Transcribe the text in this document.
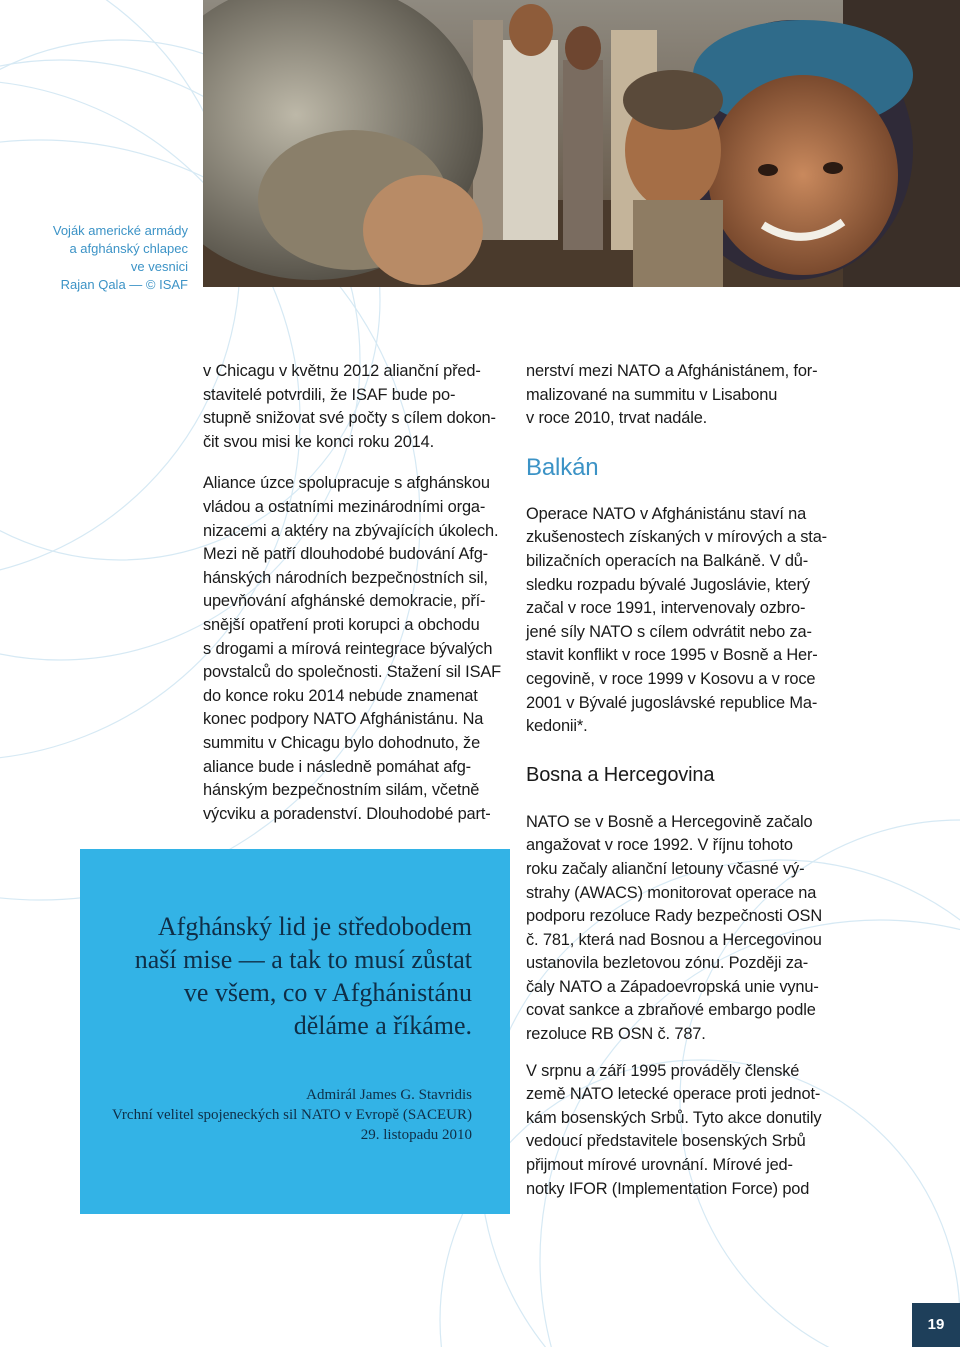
Voják americké armády
a afghánský chlapec
ve vesnici
Rajan Qala — © ISAF

v Chicagu v květnu 2012 alianční před-
stavitelé potvrdili, že ISAF bude po-
stupně snižovat své počty s cílem dokon-
čit svou misi ke konci roku 2014.

Aliance úzce spolupracuje s afghánskou
vládou a ostatními mezinárodními orga-
nizacemi a aktéry na zbývajících úkolech.
Mezi ně patří dlouhodobé budování Afg-
hánských národních bezpečnostních sil,
upevňování afghánské demokracie, pří-
snější opatření proti korupci a obchodu
s drogami a mírová reintegrace bývalých
povstalců do společnosti. Stažení sil ISAF
do konce roku 2014 nebude znamenat
konec podpory NATO Afghánistánu. Na
summitu v Chicagu bylo dohodnuto, že
aliance bude i následně pomáhat afg-
hánským bezpečnostním silám, včetně
výcviku a poradenství. Dlouhodobé part-

nerství mezi NATO a Afghánistánem, for-
malizované na summitu v Lisabonu
v roce 2010, trvat nadále.

Balkán

Operace NATO v Afghánistánu staví na
zkušenostech získaných v mírových a sta-
bilizačních operacích na Balkáně. V dů-
sledku rozpadu bývalé Jugoslávie, který
začal v roce 1991, intervenovaly ozbro-
jené síly NATO s cílem odvrátit nebo za-
stavit konflikt v roce 1995 v Bosně a Her-
cegovině, v roce 1999 v Kosovu a v roce
2001 v Bývalé jugoslávské republice Ma-
kedonii*.

Bosna a Hercegovina

NATO se v Bosně a Hercegovině začalo
angažovat v roce 1992. V říjnu tohoto
roku začaly alianční letouny včasné vý-
strahy (AWACS) monitorovat operace na
podporu rezoluce Rady bezpečnosti OSN
č. 781, která nad Bosnou a Hercegovinou
ustanovila bezletovou zónu. Později za-
čaly NATO a Západoevropská unie vynu-
covat sankce a zbraňové embargo podle
rezoluce RB OSN č. 787.

V srpnu a září 1995 prováděly členské
země NATO letecké operace proti jednot-
kám bosenských Srbů. Tyto akce donutily
vedoucí představitele bosenských Srbů
přijmout mírové urovnání. Mírové jed-
notky IFOR (Implementation Force) pod

Afghánský lid je středobodem
naší mise — a tak to musí zůstat
ve všem, co v Afghánistánu
děláme a říkáme.
Admirál James G. Stavridis
Vrchní velitel spojeneckých sil NATO v Evropě (SACEUR)
29. listopadu 2010
19
